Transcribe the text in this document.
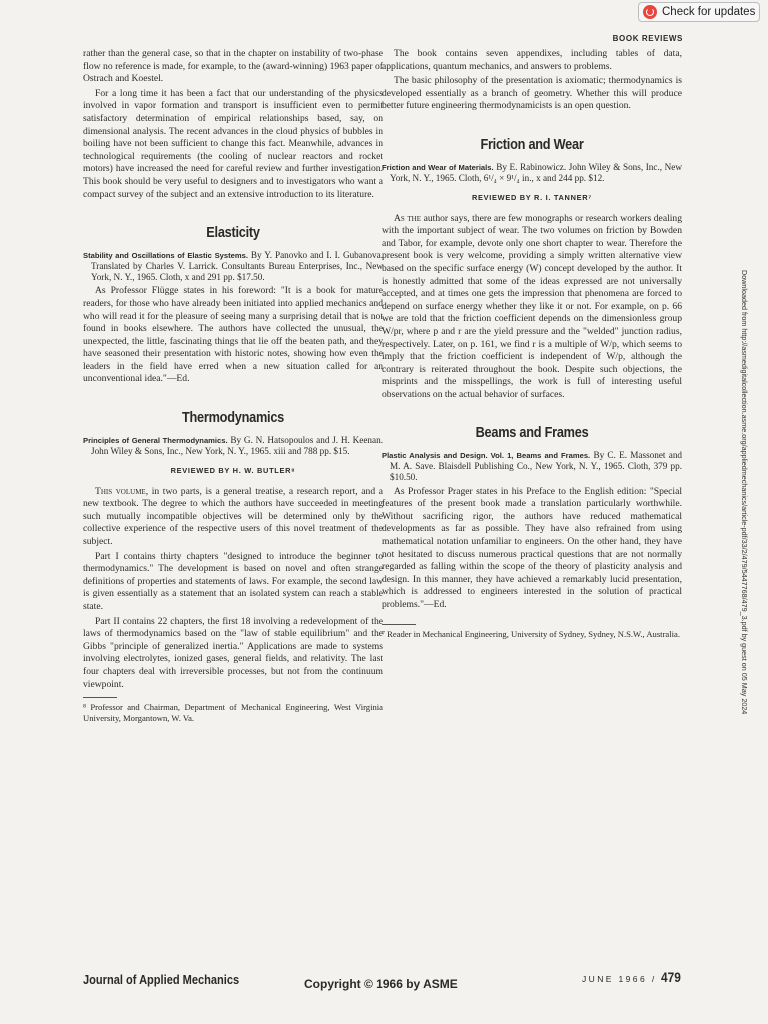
Check for updates
BOOK REVIEWS

rather than the general case, so that in the chapter on instability of two-phase flow no reference is made, for example, to the (award-winning) 1963 paper of Ostrach and Koestel.

For a long time it has been a fact that our understanding of the physics involved in vapor formation and transport is insufficient even to permit satisfactory determination of empirical relationships based, say, on dimensional analysis. The recent advances in the cloud physics of bubbles in boiling have not been sufficient to change this fact. Meanwhile, advances in technological requirements (the cooling of nuclear reactors and rocket motors) have increased the need for careful review and further investigation. This book should be very useful to designers and to investigators who want a compact survey of the subject and an extensive introduction to its literature.

Elasticity

Stability and Oscillations of Elastic Systems. By Y. Panovko and I. I. Gubanova. Translated by Charles V. Larrick. Consultants Bureau Enterprises, Inc., New York, N. Y., 1965. Cloth, x and 291 pp. $17.50.

As Professor Flügge states in his foreword: "It is a book for mature readers, for those who have already been initiated into applied mechanics and who will read it for the pleasure of seeing many a surprising detail that is not found in books elsewhere. The authors have collected the unusual, the unexpected, the little, fascinating things that lie off the beaten path, and they have seasoned their presentation with historic notes, showing how even the leaders in the field have erred when a new situation called for an unconventional idea."—Ed.

Thermodynamics

Principles of General Thermodynamics. By G. N. Hatsopoulos and J. H. Keenan. John Wiley & Sons, Inc., New York, N. Y., 1965. xiii and 788 pp. $15.

REVIEWED BY H. W. BUTLER⁸

This volume, in two parts, is a general treatise, a research report, and a new textbook. The degree to which the authors have succeeded in meeting such mutually incompatible objectives will be determined only by the collective experience of the respective users of this novel treatment of the subject.

Part I contains thirty chapters "designed to introduce the beginner to thermodynamics." The development is based on novel and often strange definitions of properties and statements of laws. For example, the second law is given essentially as a statement that an isolated system can reach a stable state.

Part II contains 22 chapters, the first 18 involving a redevelopment of the laws of thermodynamics based on the "law of stable equilibrium" and the Gibbs "principle of generalized inertia." Applications are made to systems involving electrolytes, ionized gases, general fields, and relativity. The last four chapters deal with irreversible processes, but not from the continuum viewpoint.

⁸ Professor and Chairman, Department of Mechanical Engineering, West Virginia University, Morgantown, W. Va.

The book contains seven appendixes, including tables of data, applications, quantum mechanics, and answers to problems.

The basic philosophy of the presentation is axiomatic; thermodynamics is developed essentially as a branch of geometry. Whether this will produce better future engineering thermodynamicists is an open question.

Friction and Wear

Friction and Wear of Materials. By E. Rabinowicz. John Wiley & Sons, Inc., New York, N. Y., 1965. Cloth, 6¹/₄ × 9¹/₄ in., x and 244 pp. $12.

REVIEWED BY R. I. TANNER⁷

As the author says, there are few monographs or research workers dealing with the important subject of wear. The two volumes on friction by Bowden and Tabor, for example, devote only one short chapter to wear. Therefore the present book is very welcome, providing a simply written alternative view based on the specific surface energy (W) concept developed by the author. It is honestly admitted that some of the ideas expressed are not universally accepted, and at times one gets the impression that phenomena are forced to depend on surface energy whether they like it or not. For example, on p. 66 we are told that the friction coefficient depends on the dimensionless group W/pr, where p and r are the yield pressure and the "welded" junction radius, respectively. Later, on p. 161, we find r is a multiple of W/p, which seems to imply that the friction coefficient is independent of W/p, although the contrary is reiterated throughout the book. Despite such objections, the misprints and the misspellings, the work is full of interesting useful observations on the actual behavior of surfaces.

Beams and Frames

Plastic Analysis and Design. Vol. 1, Beams and Frames. By C. E. Massonet and M. A. Save. Blaisdell Publishing Co., New York, N. Y., 1965. Cloth, 379 pp. $10.50.

As Professor Prager states in his Preface to the English edition: "Special features of the present book made a translation particularly worthwhile. Without sacrificing rigor, the authors have reduced mathematical developments as far as possible. They have also refrained from using mathematical notation unfamiliar to engineers. On the other hand, they have not hesitated to discuss numerous practical questions that are not normally regarded as falling within the scope of the theory of plasticity analysis and design. In this manner, they have achieved a remarkably lucid presentation, which is addressed to engineers interested in the solution of practical problems."—Ed.

⁷ Reader in Mechanical Engineering, University of Sydney, Sydney, N.S.W., Australia.	Downloaded from http://asmedigitalcollection.asme.org/appliedmechanics/article-pdf/33/2/479/5447768/479_3.pdf by guest on 05 May 2024
Journal of Applied Mechanics	Copyright © 1966 by ASME	JUNE 1966 / 479
